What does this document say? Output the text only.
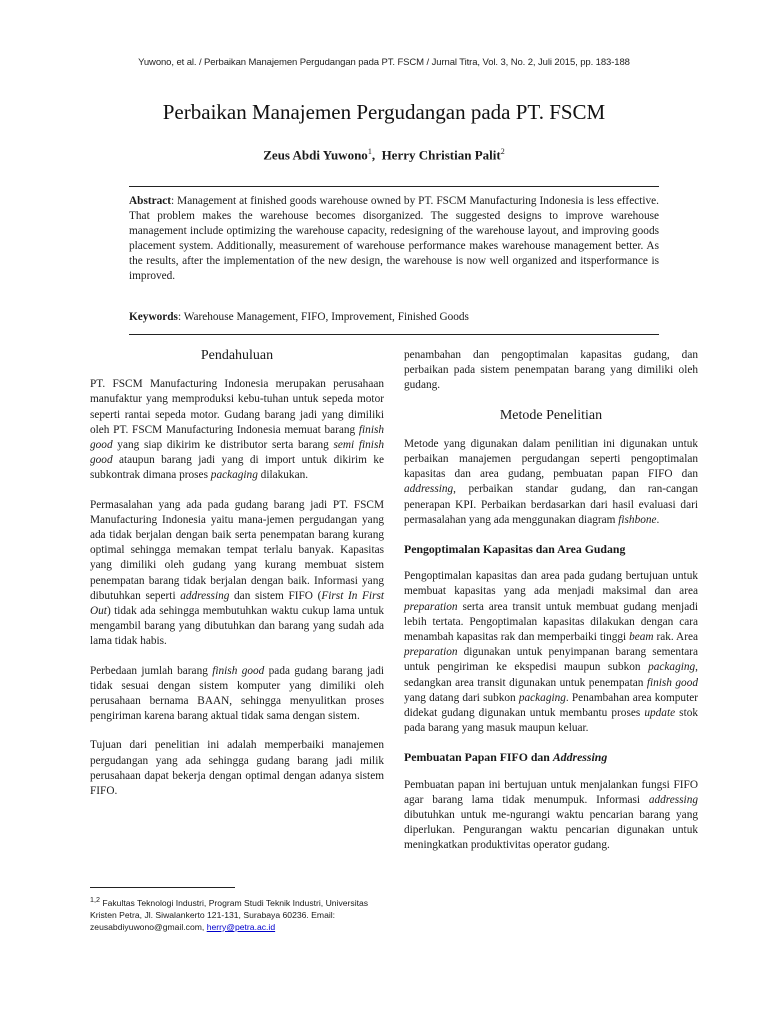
Yuwono, et al. / Perbaikan Manajemen Pergudangan pada PT. FSCM / Jurnal Titra, Vol. 3, No. 2, Juli 2015, pp. 183-188
Perbaikan Manajemen Pergudangan pada PT. FSCM
Zeus Abdi Yuwono$^1$,  Herry Christian Palit$^2$
Abstract: Management at finished goods warehouse owned by PT. FSCM Manufacturing Indonesia is less effective. That problem makes the warehouse becomes disorganized. The suggested designs to improve warehouse management include optimizing the warehouse capacity, redesigning of the warehouse layout, and improving goods placement system. Additionally, measurement of warehouse performance makes warehouse management better. As the results, after the implementation of the new design, the warehouse is now well organized and itsperformance is improved.
Keywords: Warehouse Management, FIFO, Improvement, Finished Goods
Pendahuluan

PT. FSCM Manufacturing Indonesia merupakan perusahaan manufaktur yang memproduksi kebu-tuhan untuk sepeda motor seperti rantai sepeda motor. Gudang barang jadi yang dimiliki oleh PT. FSCM Manufacturing Indonesia memuat barang finish good yang siap dikirim ke distributor serta barang semi finish good ataupun barang jadi yang di import untuk dikirim ke subkontrak dimana proses packaging dilakukan.

Permasalahan yang ada pada gudang barang jadi PT. FSCM Manufacturing Indonesia yaitu mana-jemen pergudangan yang ada tidak berjalan dengan baik serta penempatan barang kurang optimal sehingga memakan tempat terlalu banyak. Kapasitas yang dimiliki oleh gudang yang kurang membuat sistem penempatan barang tidak berjalan dengan baik. Informasi yang dibutuhkan seperti addressing dan sistem FIFO (First In First Out) tidak ada sehingga membutuhkan waktu cukup lama untuk mengambil barang yang dibutuhkan dan barang yang sudah ada lama tidak habis.

Perbedaan jumlah barang finish good pada gudang barang jadi tidak sesuai dengan sistem komputer yang dimiliki oleh perusahaan bernama BAAN, sehingga menyulitkan proses pengiriman karena barang aktual tidak sama dengan sistem.

Tujuan dari penelitian ini adalah memperbaiki manajemen pergudangan yang ada sehingga gudang barang jadi milik perusahaan dapat bekerja dengan optimal dengan adanya sistem FIFO.

$^{1,2}$ Fakultas Teknologi Industri, Program Studi Teknik Industri, Universitas Kristen Petra, Jl. Siwalankerto 121-131, Surabaya 60236. Email: zeusabdiyuwono@gmail.com, herry@petra.ac.id

penambahan dan pengoptimalan kapasitas gudang, dan perbaikan pada sistem penempatan barang yang dimiliki oleh gudang.

Metode Penelitian

Metode yang digunakan dalam penilitian ini digunakan untuk perbaikan manajemen pergudangan seperti pengoptimalan kapasitas dan area gudang, pembuatan papan FIFO dan addressing, perbaikan standar gudang, dan ran-cangan penerapan KPI. Perbaikan berdasarkan dari hasil evaluasi dari permasalahan yang ada menggunakan diagram fishbone.

Pengoptimalan Kapasitas dan Area Gudang

Pengoptimalan kapasitas dan area pada gudang bertujuan untuk membuat kapasitas yang ada menjadi maksimal dan area preparation serta area transit untuk membuat gudang menjadi lebih tertata. Pengoptimalan kapasitas dilakukan dengan cara menambah kapasitas rak dan memperbaiki tinggi beam rak. Area preparation digunakan untuk penyimpanan barang sementara untuk pengiriman ke ekspedisi maupun subkon packaging, sedangkan area transit digunakan untuk penempatan finish good yang datang dari subkon packaging. Penambahan area komputer didekat gudang digunakan untuk membantu proses update stok pada barang yang masuk maupun keluar.

Pembuatan Papan FIFO dan Addressing

Pembuatan papan ini bertujuan untuk menjalankan fungsi FIFO agar barang lama tidak menumpuk. Informasi addressing dibutuhkan untuk me-ngurangi waktu pencarian barang yang diperlukan. Pengurangan waktu pencarian digunakan untuk meningkatkan produktivitas operator gudang.
